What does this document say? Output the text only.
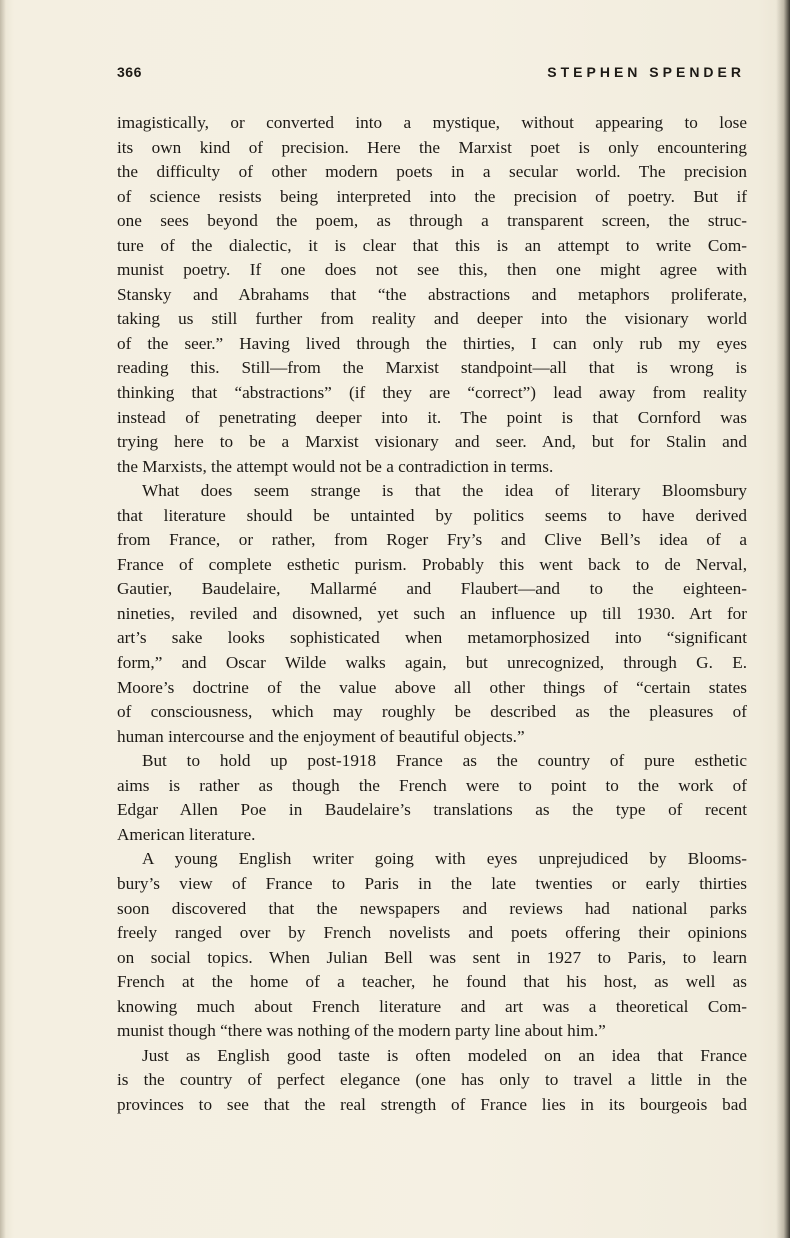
366	STEPHEN SPENDER
imagistically, or converted into a mystique, without appearing to lose
its own kind of precision. Here the Marxist poet is only encountering
the difficulty of other modern poets in a secular world. The precision
of science resists being interpreted into the precision of poetry. But if
one sees beyond the poem, as through a transparent screen, the struc-
ture of the dialectic, it is clear that this is an attempt to write Com-
munist poetry. If one does not see this, then one might agree with
Stansky and Abrahams that “the abstractions and metaphors proliferate,
taking us still further from reality and deeper into the visionary world
of the seer.” Having lived through the thirties, I can only rub my eyes
reading this. Still—from the Marxist standpoint—all that is wrong is
thinking that “abstractions” (if they are “correct”) lead away from reality
instead of penetrating deeper into it. The point is that Cornford was
trying here to be a Marxist visionary and seer. And, but for Stalin and
the Marxists, the attempt would not be a contradiction in terms.
What does seem strange is that the idea of literary Bloomsbury
that literature should be untainted by politics seems to have derived
from France, or rather, from Roger Fry’s and Clive Bell’s idea of a
France of complete esthetic purism. Probably this went back to de Nerval,
Gautier, Baudelaire, Mallarmé and Flaubert—and to the eighteen-
nineties, reviled and disowned, yet such an influence up till 1930. Art for
art’s sake looks sophisticated when metamorphosized into “significant
form,” and Oscar Wilde walks again, but unrecognized, through G. E.
Moore’s doctrine of the value above all other things of “certain states
of consciousness, which may roughly be described as the pleasures of
human intercourse and the enjoyment of beautiful objects.”
But to hold up post-1918 France as the country of pure esthetic
aims is rather as though the French were to point to the work of
Edgar Allen Poe in Baudelaire’s translations as the type of recent
American literature.
A young English writer going with eyes unprejudiced by Blooms-
bury’s view of France to Paris in the late twenties or early thirties
soon discovered that the newspapers and reviews had national parks
freely ranged over by French novelists and poets offering their opinions
on social topics. When Julian Bell was sent in 1927 to Paris, to learn
French at the home of a teacher, he found that his host, as well as
knowing much about French literature and art was a theoretical Com-
munist though “there was nothing of the modern party line about him.”
Just as English good taste is often modeled on an idea that France
is the country of perfect elegance (one has only to travel a little in the
provinces to see that the real strength of France lies in its bourgeois bad
